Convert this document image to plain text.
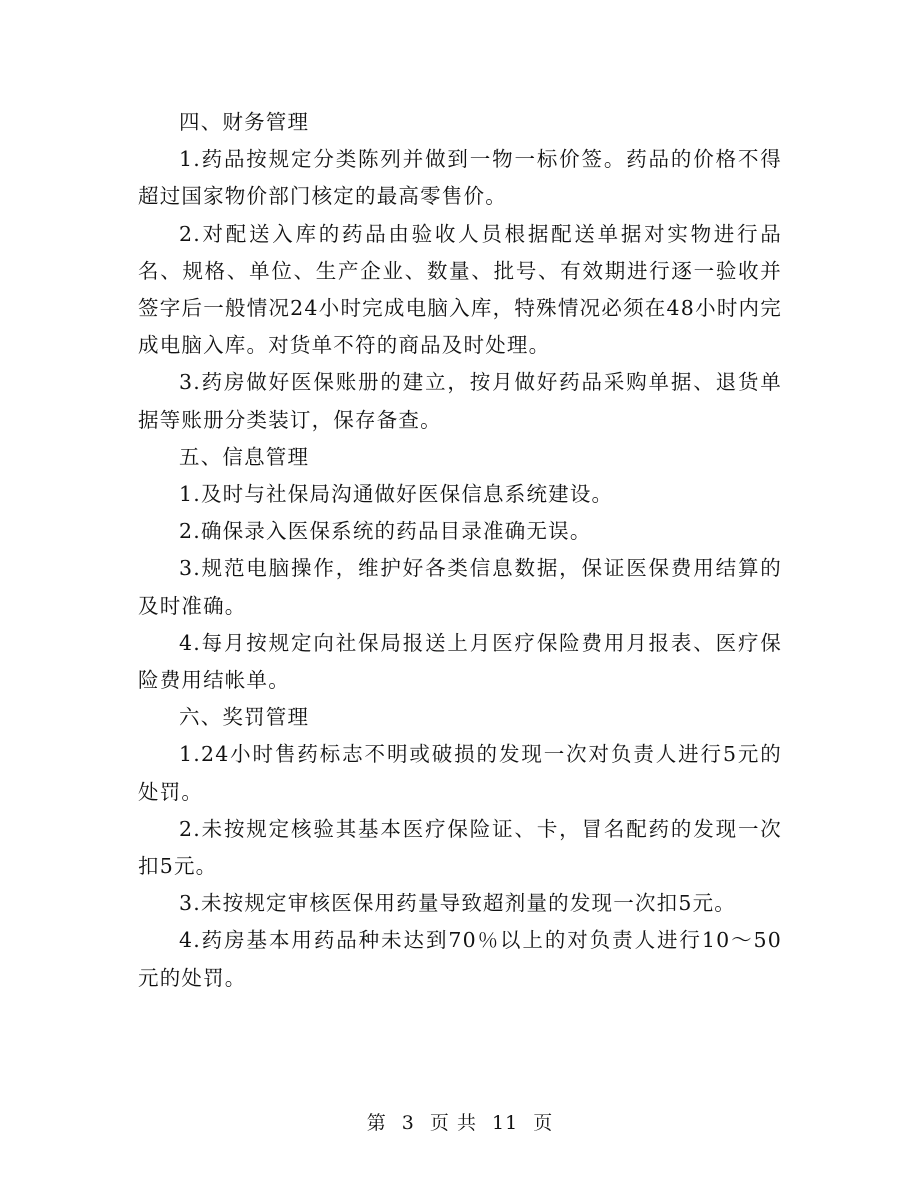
四、财务管理

1.药品按规定分类陈列并做到一物一标价签。药品的价格不得超过国家物价部门核定的最高零售价。

2.对配送入库的药品由验收人员根据配送单据对实物进行品名、规格、单位、生产企业、数量、批号、有效期进行逐一验收并签字后一般情况24小时完成电脑入库，特殊情况必须在48小时内完成电脑入库。对货单不符的商品及时处理。

3.药房做好医保账册的建立，按月做好药品采购单据、退货单据等账册分类装订，保存备查。

五、信息管理

1.及时与社保局沟通做好医保信息系统建设。

2.确保录入医保系统的药品目录准确无误。

3.规范电脑操作，维护好各类信息数据，保证医保费用结算的及时准确。

4.每月按规定向社保局报送上月医疗保险费用月报表、医疗保险费用结帐单。

六、奖罚管理

1.24小时售药标志不明或破损的发现一次对负责人进行5元的处罚。

2.未按规定核验其基本医疗保险证、卡，冒名配药的发现一次扣5元。

3.未按规定审核医保用药量导致超剂量的发现一次扣5元。

4.药房基本用药品种未达到70％以上的对负责人进行10～50元的处罚。

第 3 页 共 11 页
